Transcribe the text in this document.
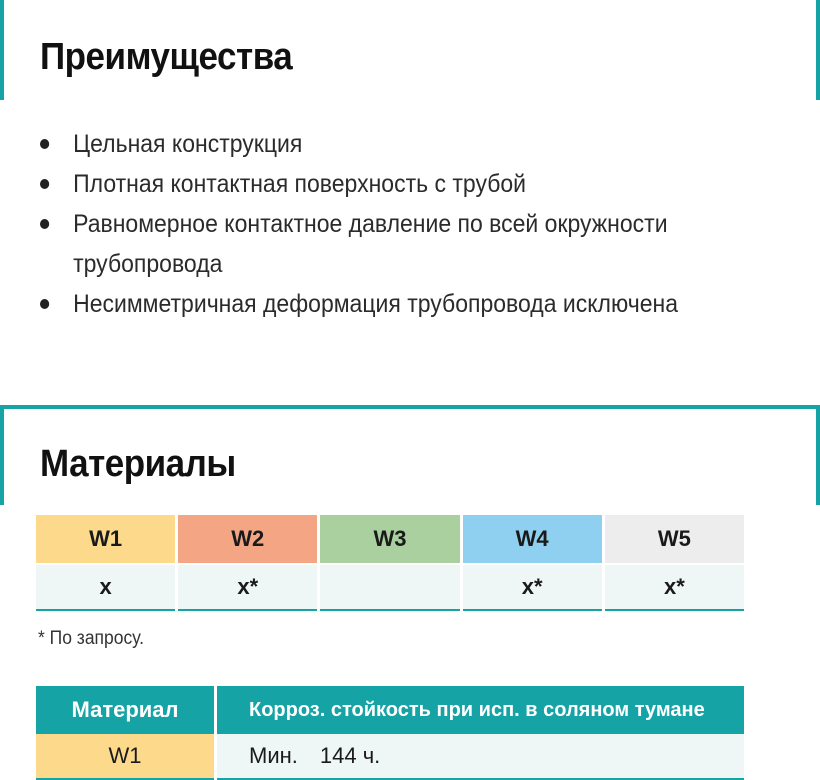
Преимущества
Цельная конструкция
Плотная контактная поверхность с трубой
Равномерное контактное давление по всей окружности
трубопровода
Несимметричная деформация трубопровода исключена
Материалы
W1	W2	W3	W4	W5
x	x*		x*	x*
* По запросу.
Материал	Корроз. стойкость при исп. в соляном тумане
W1	Мин. 144 ч.
